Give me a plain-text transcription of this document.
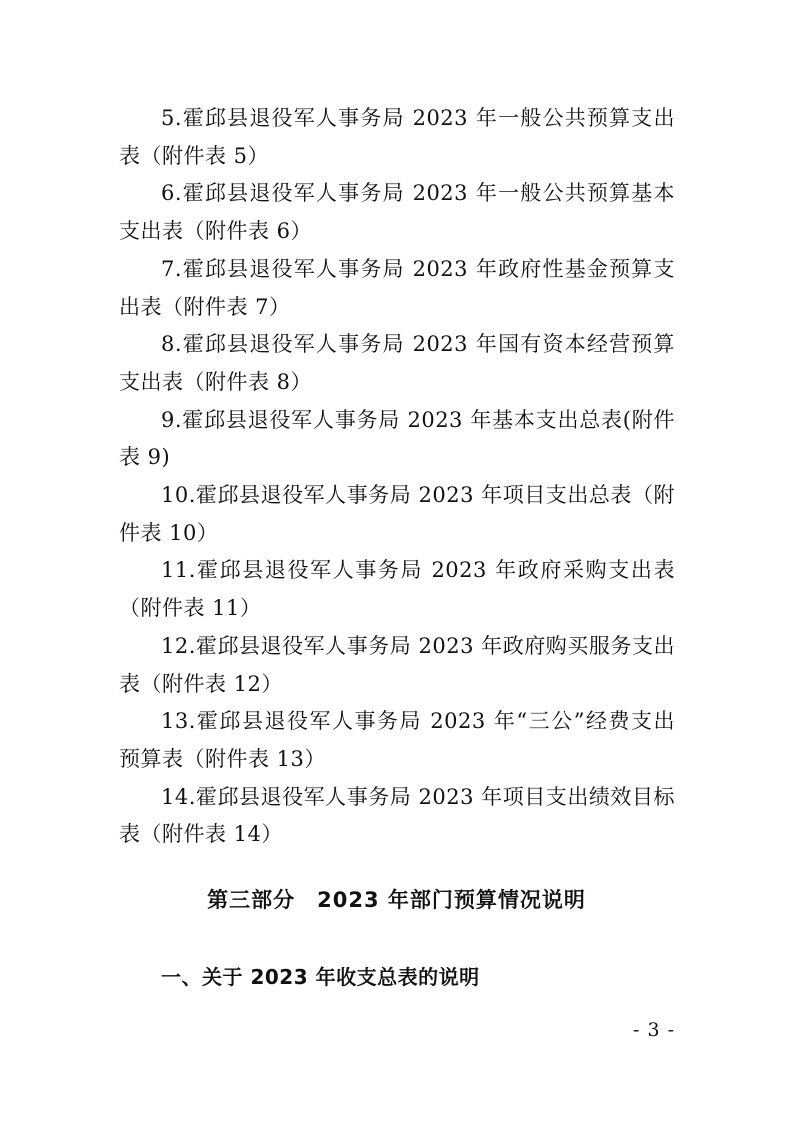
5.霍邱县退役军人事务局 2023 年一般公共预算支出表（附件表 5）
6.霍邱县退役军人事务局 2023 年一般公共预算基本支出表（附件表 6）
7.霍邱县退役军人事务局 2023 年政府性基金预算支出表（附件表 7）
8.霍邱县退役军人事务局 2023 年国有资本经营预算支出表（附件表 8）
9.霍邱县退役军人事务局 2023 年基本支出总表(附件表 9)
10.霍邱县退役军人事务局 2023 年项目支出总表（附件表 10）
11.霍邱县退役军人事务局 2023 年政府采购支出表（附件表 11）
12.霍邱县退役军人事务局 2023 年政府购买服务支出表（附件表 12）
13.霍邱县退役军人事务局 2023 年“三公”经费支出预算表（附件表 13）
14.霍邱县退役军人事务局 2023 年项目支出绩效目标表（附件表 14）
第三部分　2023 年部门预算情况说明
一、关于 2023 年收支总表的说明
- 3 -
